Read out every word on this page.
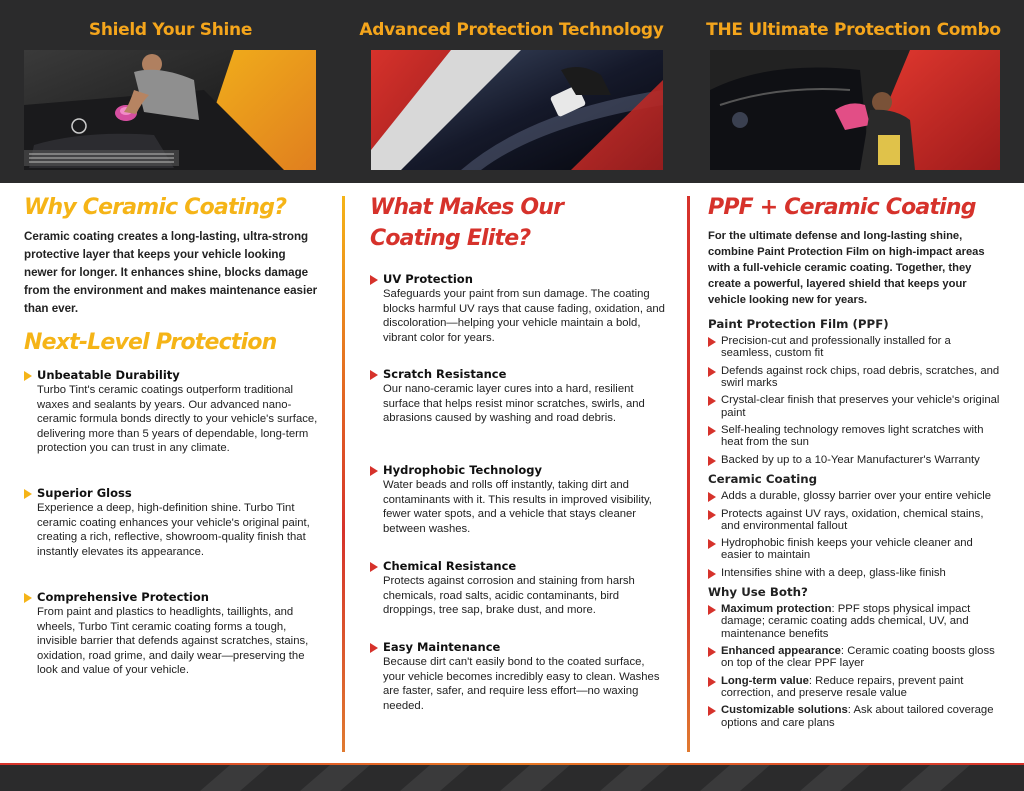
Shield Your Shine	Advanced Protection Technology	THE Ultimate Protection Combo
Why Ceramic Coating?

Ceramic coating creates a long-lasting, ultra-strong protective layer that keeps your vehicle looking newer for longer. It enhances shine, blocks damage from the environment and makes maintenance easier than ever.

Next-Level Protection
Unbeatable Durability
Turbo Tint's ceramic coatings outperform traditional waxes and sealants by years. Our advanced nano-ceramic formula bonds directly to your vehicle's surface, delivering more than 5 years of dependable, long-term protection you can trust in any climate.
Superior Gloss
Experience a deep, high-definition shine. Turbo Tint ceramic coating enhances your vehicle's original paint, creating a rich, reflective, showroom-quality finish that instantly elevates its appearance.
Comprehensive Protection
From paint and plastics to headlights, taillights, and wheels, Turbo Tint ceramic coating forms a tough, invisible barrier that defends against scratches, stains, oxidation, road grime, and daily wear—preserving the look and value of your vehicle.
What Makes Our Coating Elite?
UV Protection
Safeguards your paint from sun damage. The coating blocks harmful UV rays that cause fading, oxidation, and discoloration—helping your vehicle maintain a bold, vibrant color for years.
Scratch Resistance
Our nano-ceramic layer cures into a hard, resilient surface that helps resist minor scratches, swirls, and abrasions caused by washing and road debris.
Hydrophobic Technology
Water beads and rolls off instantly, taking dirt and contaminants with it. This results in improved visibility, fewer water spots, and a vehicle that stays cleaner between washes.
Chemical Resistance
Protects against corrosion and staining from harsh chemicals, road salts, acidic contaminants, bird droppings, tree sap, brake dust, and more.
Easy Maintenance
Because dirt can't easily bond to the coated surface, your vehicle becomes incredibly easy to clean. Washes are faster, safer, and require less effort—no waxing needed.
PPF + Ceramic Coating

For the ultimate defense and long-lasting shine, combine Paint Protection Film on high-impact areas with a full-vehicle ceramic coating. Together, they create a powerful, layered shield that keeps your vehicle looking new for years.

Paint Protection Film (PPF)
Precision-cut and professionally installed for a seamless, custom fit
Defends against rock chips, road debris, scratches, and swirl marks
Crystal-clear finish that preserves your vehicle's original paint
Self-healing technology removes light scratches with heat from the sun
Backed by up to a 10-Year Manufacturer's Warranty
Ceramic Coating
Adds a durable, glossy barrier over your entire vehicle
Protects against UV rays, oxidation, chemical stains, and environmental fallout
Hydrophobic finish keeps your vehicle cleaner and easier to maintain
Intensifies shine with a deep, glass-like finish
Why Use Both?
Maximum protection: PPF stops physical impact damage; ceramic coating adds chemical, UV, and maintenance benefits
Enhanced appearance: Ceramic coating boosts gloss on top of the clear PPF layer
Long-term value: Reduce repairs, prevent paint correction, and preserve resale value
Customizable solutions: Ask about tailored coverage options and care plans
